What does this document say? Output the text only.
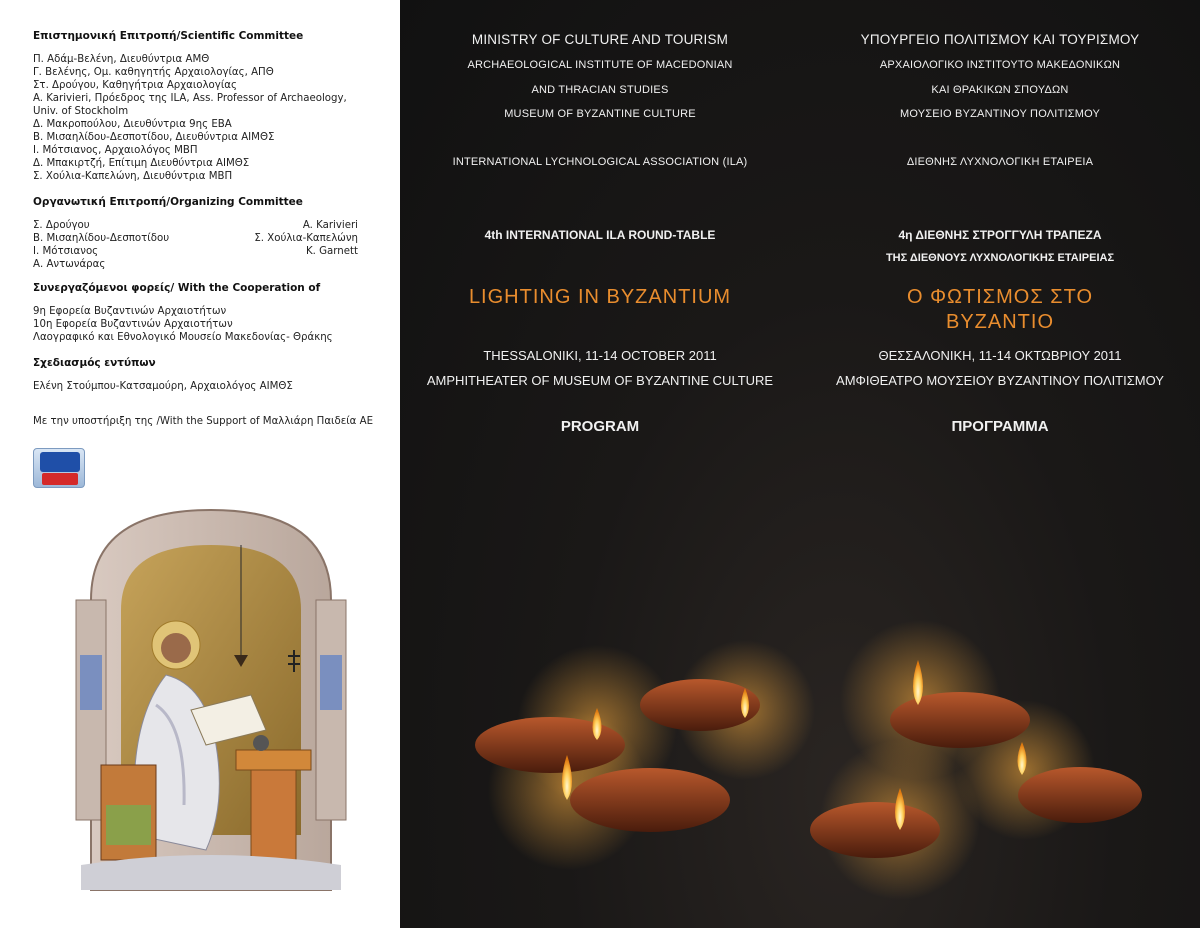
Επιστημονική Επιτροπή/Scientific Committee
Π. Αδάμ-Βελένη, Διευθύντρια ΑΜΘ
Γ. Βελένης, Ομ. καθηγητής Αρχαιολογίας, ΑΠΘ
Στ. Δρούγου, Καθηγήτρια Αρχαιολογίας
A. Karivieri, Πρόεδρος της ILA, Ass. Professor of Archaeology,
Univ. of Stockholm
Δ. Μακροπούλου, Διευθύντρια 9ης ΕΒΑ
Β. Μισαηλίδου-Δεσποτίδου, Διευθύντρια ΑΙΜΘΣ
Ι. Μότσιανος, Αρχαιολόγος ΜΒΠ
Δ. Μπακιρτζή, Επίτιμη Διευθύντρια ΑΙΜΘΣ
Σ. Χούλια-Καπελώνη, Διευθύντρια ΜΒΠ
Οργανωτική Επιτροπή/Organizing Committee
Σ. Δρούγου
Β. Μισαηλίδου-Δεσποτίδου
Ι. Μότσιανος
Α. Αντωνάρας
A. Karivieri
Σ. Χούλια-Καπελώνη
K. Garnett
Συνεργαζόμενοι φορείς/ With the Cooperation of
9η Εφορεία Βυζαντινών Αρχαιοτήτων
10η Εφορεία Βυζαντινών Αρχαιοτήτων
Λαογραφικό και Εθνολογικό Μουσείο Μακεδονίας- Θράκης
Σχεδιασμός εντύπων
Ελένη Στούμπου-Κατσαμούρη, Αρχαιολόγος ΑΙΜΘΣ
Με την υποστήριξη της /With the Support of Μαλλιάρη Παιδεία ΑΕ
MINISTRY OF CULTURE AND TOURISM
ARCHAEOLOGICAL INSTITUTE OF MACEDONIAN
AND THRACIAN STUDIES
MUSEUM OF BYZANTINE CULTURE
INTERNATIONAL LYCHNOLOGICAL ASSOCIATION (ILA)
4th INTERNATIONAL ILA ROUND-TABLE
LIGHTING IN BYZANTIUM
THESSALONIKI, 11-14 OCTOBER 2011
AMPHITHEATER OF MUSEUM OF BYZANTINE CULTURE
PROGRAM
ΥΠΟΥΡΓΕΙΟ ΠΟΛΙΤΙΣΜΟΥ ΚΑΙ ΤΟΥΡΙΣΜΟΥ
ΑΡΧΑΙΟΛΟΓΙΚΟ ΙΝΣΤΙΤΟΥΤΟ ΜΑΚΕΔΟΝΙΚΩΝ
ΚΑΙ ΘΡΑΚΙΚΩΝ ΣΠΟΥΔΩΝ
ΜΟΥΣΕΙΟ ΒΥΖΑΝΤΙΝΟΥ ΠΟΛΙΤΙΣΜΟΥ
ΔΙΕΘΝΗΣ ΛΥΧΝΟΛΟΓΙΚΗ ΕΤΑΙΡΕΙΑ
4η ΔΙΕΘΝΗΣ ΣΤΡΟΓΓΥΛΗ ΤΡΑΠΕΖΑ
ΤΗΣ ΔΙΕΘΝΟΥΣ ΛΥΧΝΟΛΟΓΙΚΗΣ ΕΤΑΙΡΕΙΑΣ
Ο ΦΩΤΙΣΜΟΣ ΣΤΟ
ΒΥΖΑΝΤΙΟ
ΘΕΣΣΑΛΟΝΙΚΗ, 11-14 ΟΚΤΩΒΡΙΟΥ 2011
ΑΜΦΙΘΕΑΤΡΟ ΜΟΥΣΕΙΟΥ ΒΥΖΑΝΤΙΝΟΥ ΠΟΛΙΤΙΣΜΟΥ
ΠΡΟΓΡΑΜΜΑ
